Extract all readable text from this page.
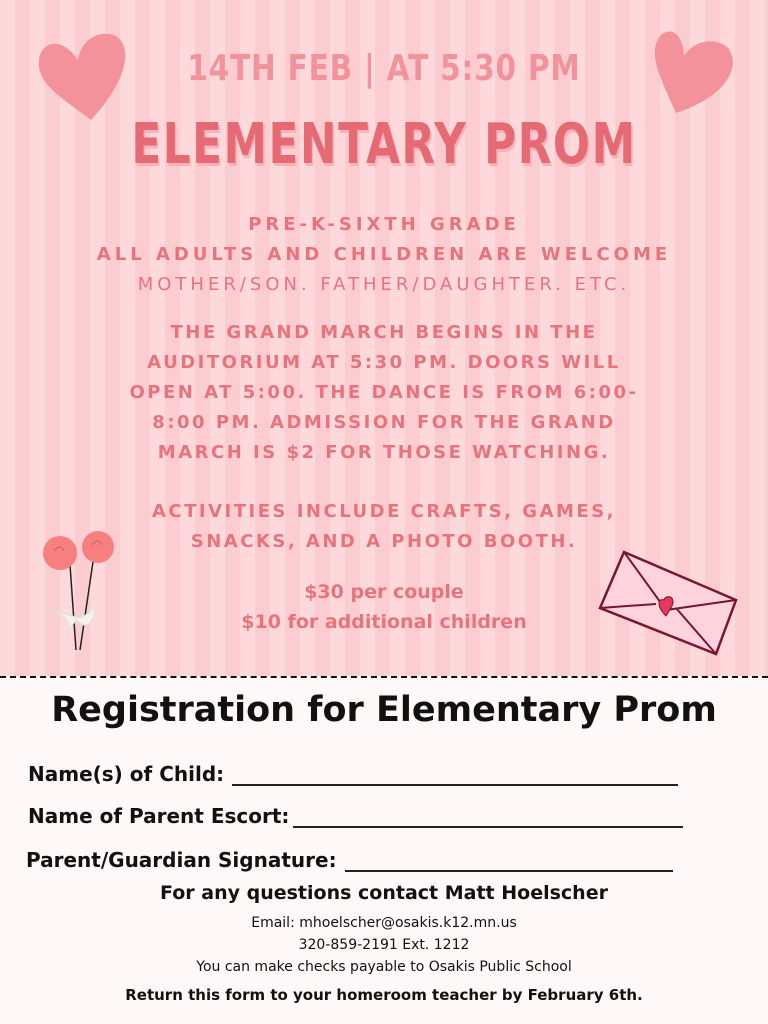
14TH FEB | AT 5:30 PM
ELEMENTARY PROM
PRE-K-SIXTH GRADE
ALL ADULTS AND CHILDREN ARE WELCOME
MOTHER/SON. FATHER/DAUGHTER. ETC.
THE GRAND MARCH BEGINS IN THE
AUDITORIUM AT 5:30 PM. DOORS WILL
OPEN AT 5:00. THE DANCE IS FROM 6:00-
8:00 PM. ADMISSION FOR THE GRAND
MARCH IS $2 FOR THOSE WATCHING.
ACTIVITIES INCLUDE CRAFTS, GAMES,
SNACKS, AND A PHOTO BOOTH.
$30 per couple
$10 for additional children
Registration for Elementary Prom
Name(s) of Child:
Name of Parent Escort:
Parent/Guardian Signature:
For any questions contact Matt Hoelscher
Email: mhoelscher@osakis.k12.mn.us
320-859-2191 Ext. 1212
You can make checks payable to Osakis Public School
Return this form to your homeroom teacher by February 6th.
